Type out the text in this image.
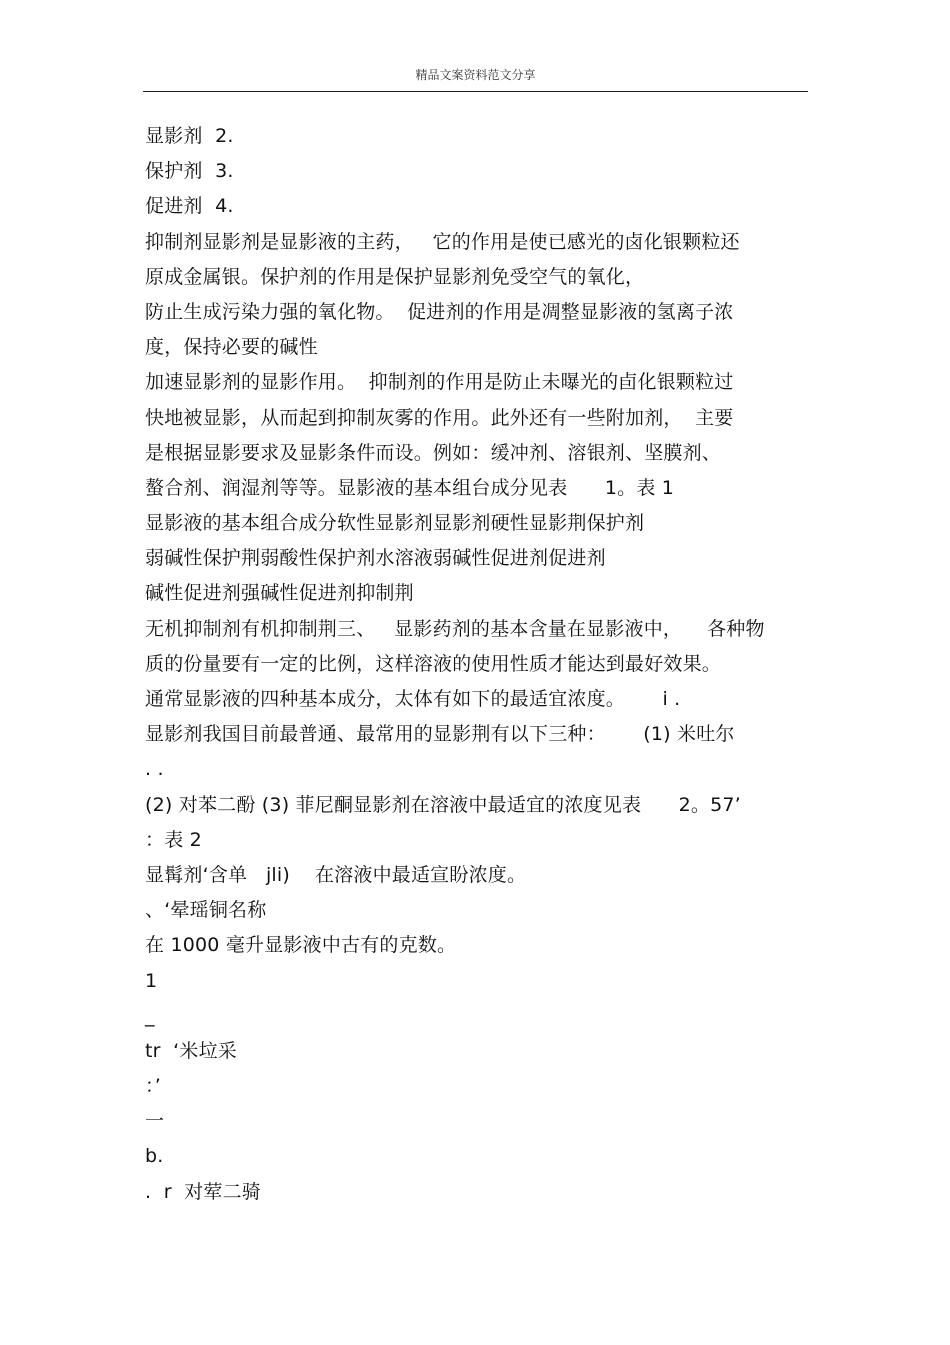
精品文案资料范文分享
显影剂  2.
保护剂  3.
促进剂  4.
抑制剂显影剂是显影液的主药，   它的作用是使已感光的卤化银颗粒还
原成金属银。保护剂的作用是保护显影剂免受空气的氧化，
防止生成污染力强的氧化物。  促进剂的作用是凋整显影液的氢离子浓
度，保持必要的碱性
加速显影剂的显影作用。  抑制剂的作用是防止未曝光的卣化银颗粒过
快地被显影，从而起到抑制灰雾的作用。此外还有一些附加剂，  主要
是根据显影要求及显影条件而设。例如：缓冲剂、溶银剂、坚膜剂、
螯合剂、润湿剂等等。显影液的基本组台成分见表      1。表 1
显影液的基本组合成分软性显影剂显影剂硬性显影荆保护剂
弱碱性保护荆弱酸性保护剂水溶液弱碱性促进剂促进剂
碱性促进剂强碱性促进剂抑制荆
无机抑制剂有机抑制荆三、   显影药剂的基本含量在显影液中，    各种物
质的份量要有一定的比例，这样溶液的使用性质才能达到最好效果。
通常显影液的四种基本成分，太体有如下的最适宜浓度。      i .
显影剂我国目前最普通、最常用的显影荆有以下三种：      (1) 米吐尔
. .
(2) 对苯二酚 (3) 菲尼酮显影剂在溶液中最适宜的浓度见表      2。57’
：表 2
显髯剂‘含单   jli)    在溶液中最适宣盼浓度。
、‘晕瑶铜名称
在 1000 毫升显影液中古有的克数。
1
_
tr  ‘米垃采
：’
一
b.
.  r  对荤二骑
